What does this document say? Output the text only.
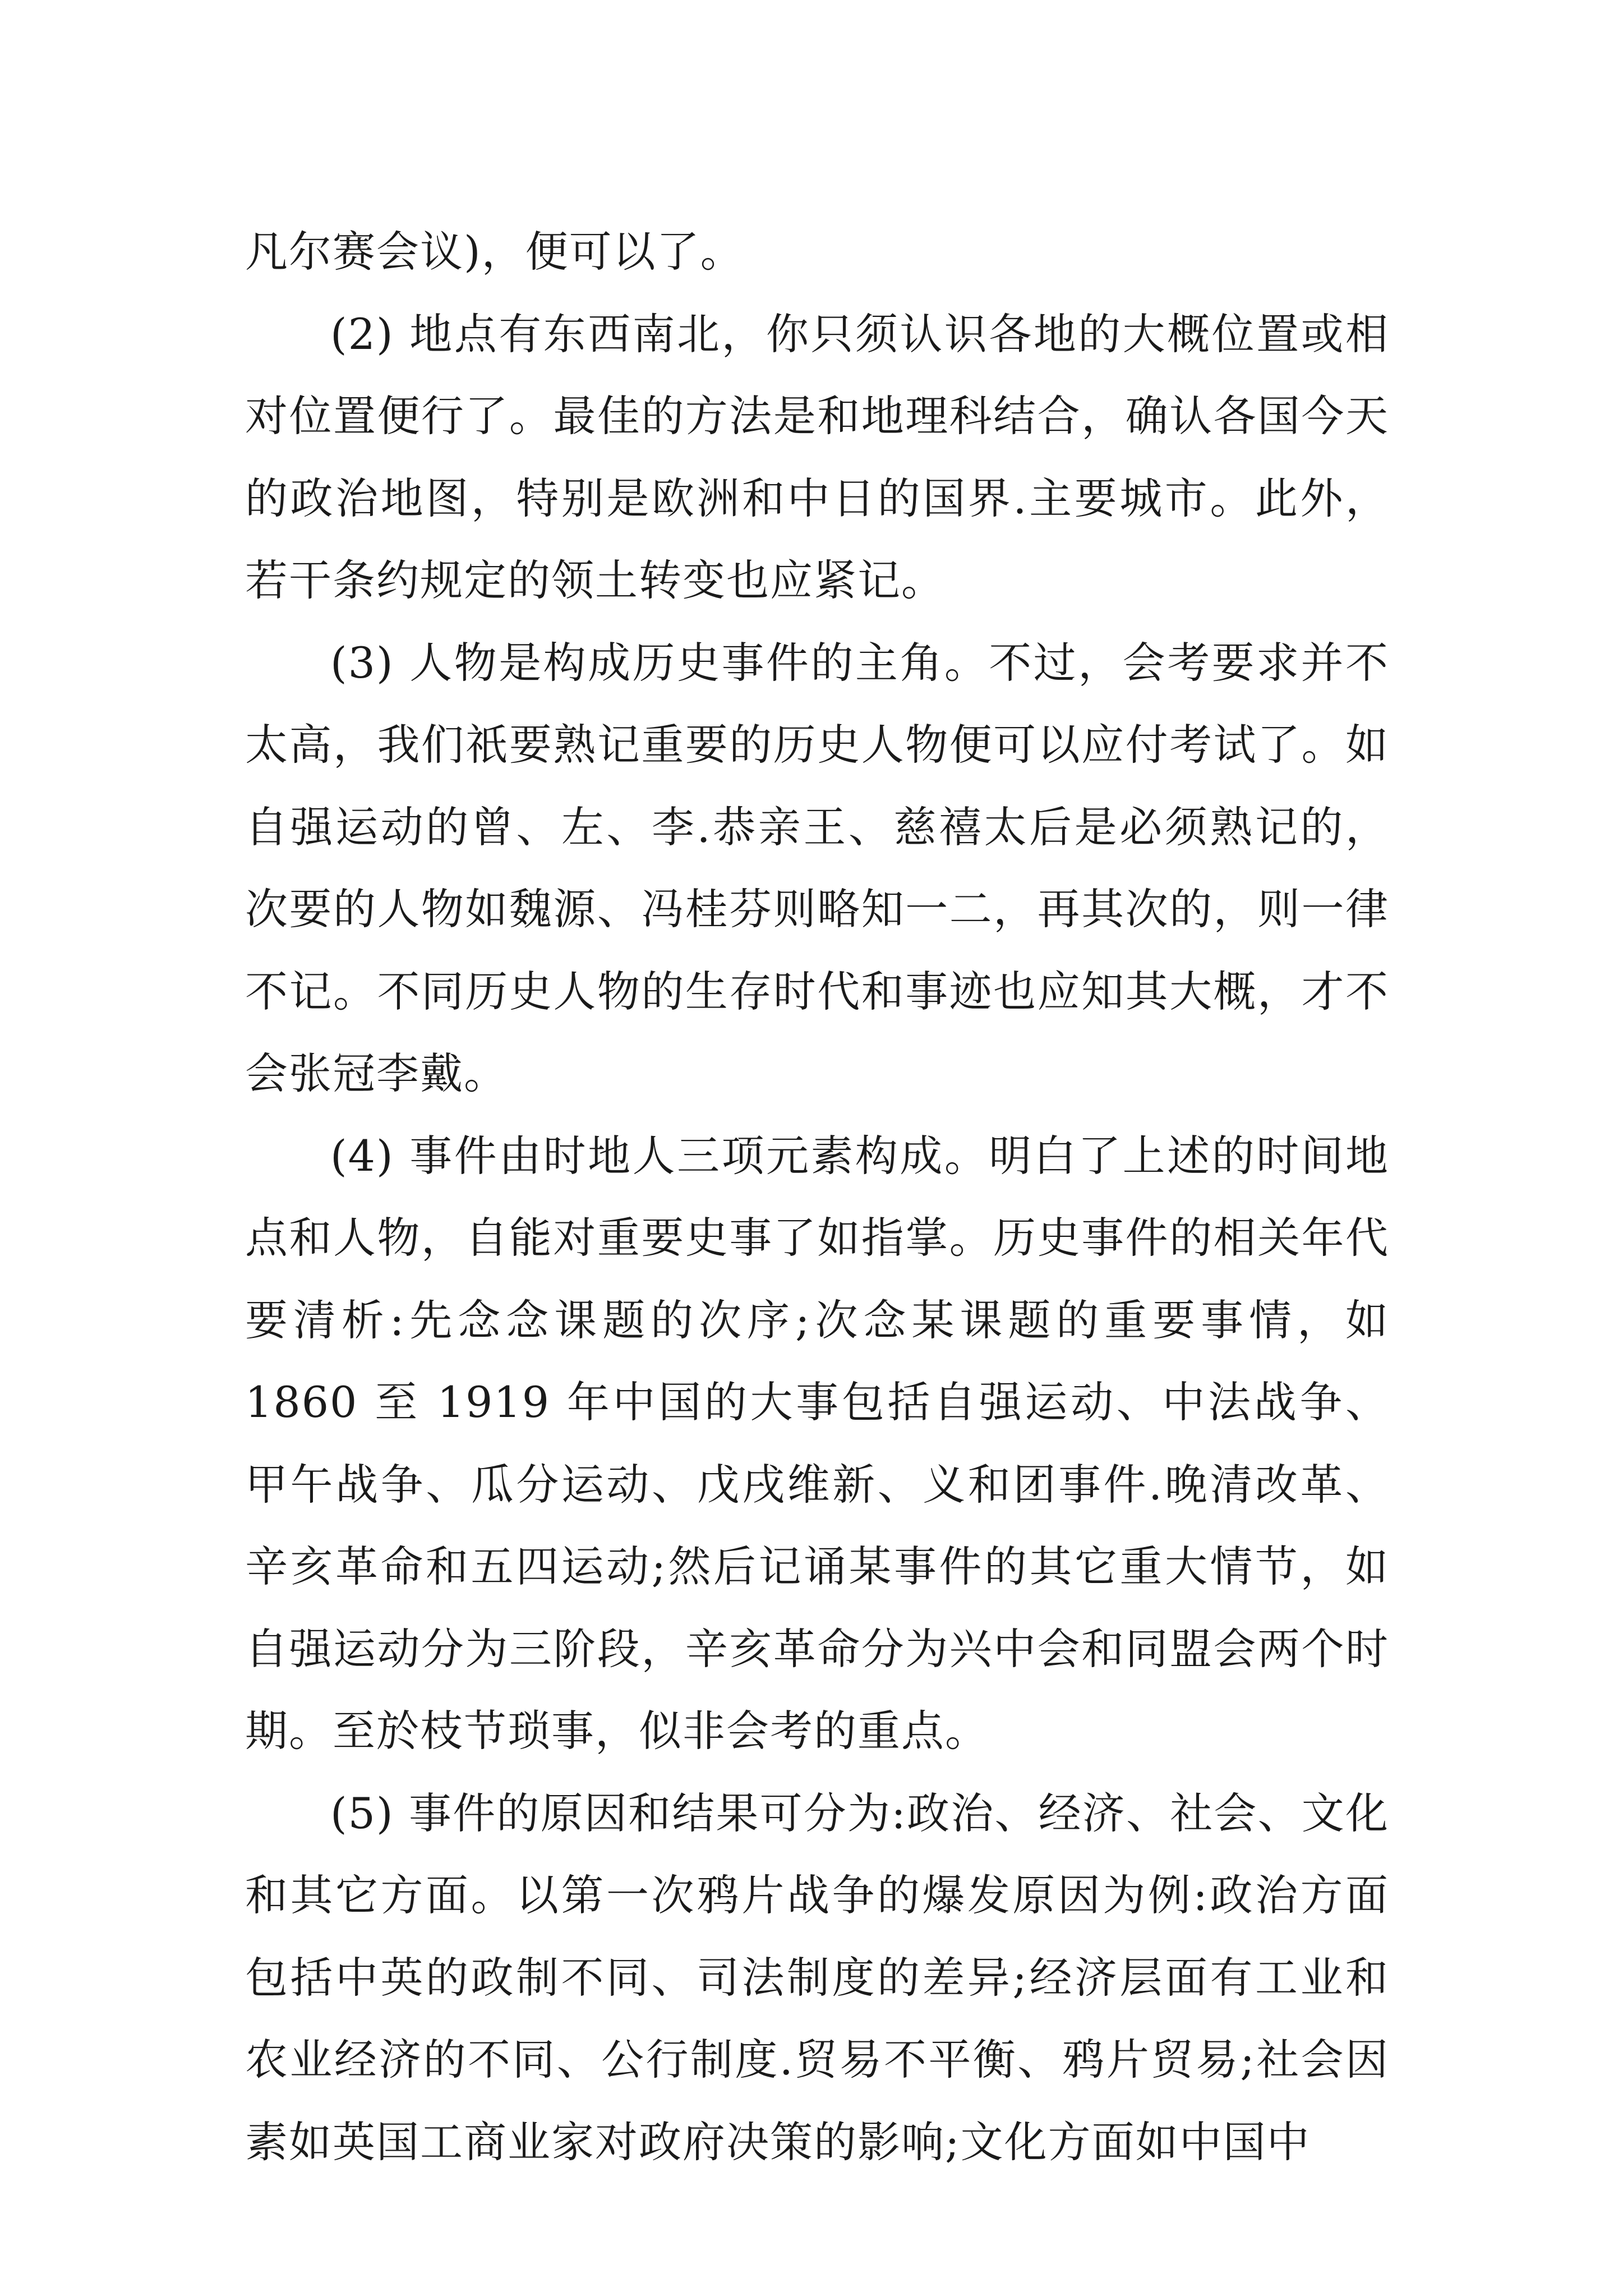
凡尔赛会议)，便可以了。

(2) 地点有东西南北，你只须认识各地的大概位置或相对位置便行了。最佳的方法是和地理科结合，确认各国今天的政治地图，特别是欧洲和中日的国界.主要城市。此外，若干条约规定的领土转变也应紧记。

(3) 人物是构成历史事件的主角。不过，会考要求并不太高，我们祇要熟记重要的历史人物便可以应付考试了。如自强运动的曾、左、李.恭亲王、慈禧太后是必须熟记的，次要的人物如魏源、冯桂芬则略知一二，再其次的，则一律不记。不同历史人物的生存时代和事迹也应知其大概，才不会张冠李戴。

(4) 事件由时地人三项元素构成。明白了上述的时间地点和人物，自能对重要史事了如指掌。历史事件的相关年代要清析:先念念课题的次序;次念某课题的重要事情，如 1860 至 1919 年中国的大事包括自强运动、中法战争、甲午战争、瓜分运动、戊戌维新、义和团事件.晚清改革、辛亥革命和五四运动;然后记诵某事件的其它重大情节，如自强运动分为三阶段，辛亥革命分为兴中会和同盟会两个时期。至於枝节琐事，似非会考的重点。

(5) 事件的原因和结果可分为:政治、经济、社会、文化和其它方面。以第一次鸦片战争的爆发原因为例:政治方面包括中英的政制不同、司法制度的差异;经济层面有工业和农业经济的不同、公行制度.贸易不平衡、鸦片贸易;社会因素如英国工商业家对政府决策的影响;文化方面如中国中
